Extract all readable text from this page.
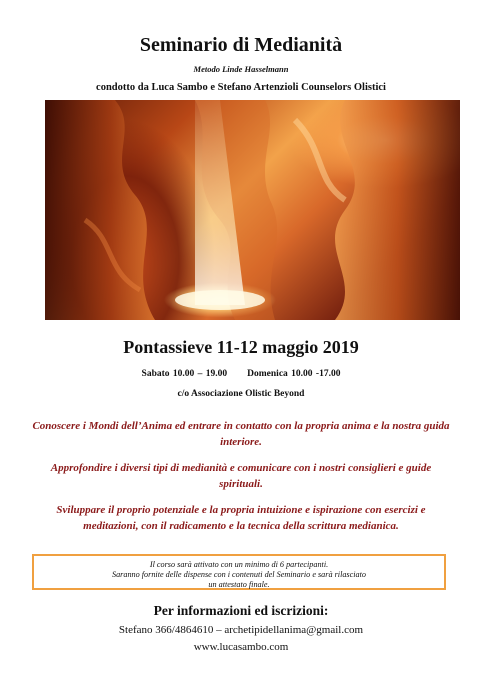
Seminario di Medianità
Metodo Linde Hasselmann
condotto da Luca Sambo e Stefano Artenzioli Counselors Olistici
Pontassieve 11-12 maggio 2019
Sabato 10.00 – 19.00 Domenica 10.00 -17.00
c/o Associazione Olistic Beyond
Conoscere i Mondi dell’Anima ed entrare in contatto con la propria anima e la nostra guida interiore.
Approfondire i diversi tipi di medianità e comunicare con i nostri consiglieri e guide spirituali.
Sviluppare il proprio potenziale e la propria intuizione e ispirazione con esercizi e meditazioni, con il radicamento e la tecnica della scrittura medianica.
Il corso sarà attivato con un minimo di 6 partecipanti.
Saranno fornite delle dispense con i contenuti del Seminario e sarà rilasciato
un attestato finale.
Per informazioni ed iscrizioni:
Stefano 366/4864610 – archetipidellanima@gmail.com
www.lucasambo.com
